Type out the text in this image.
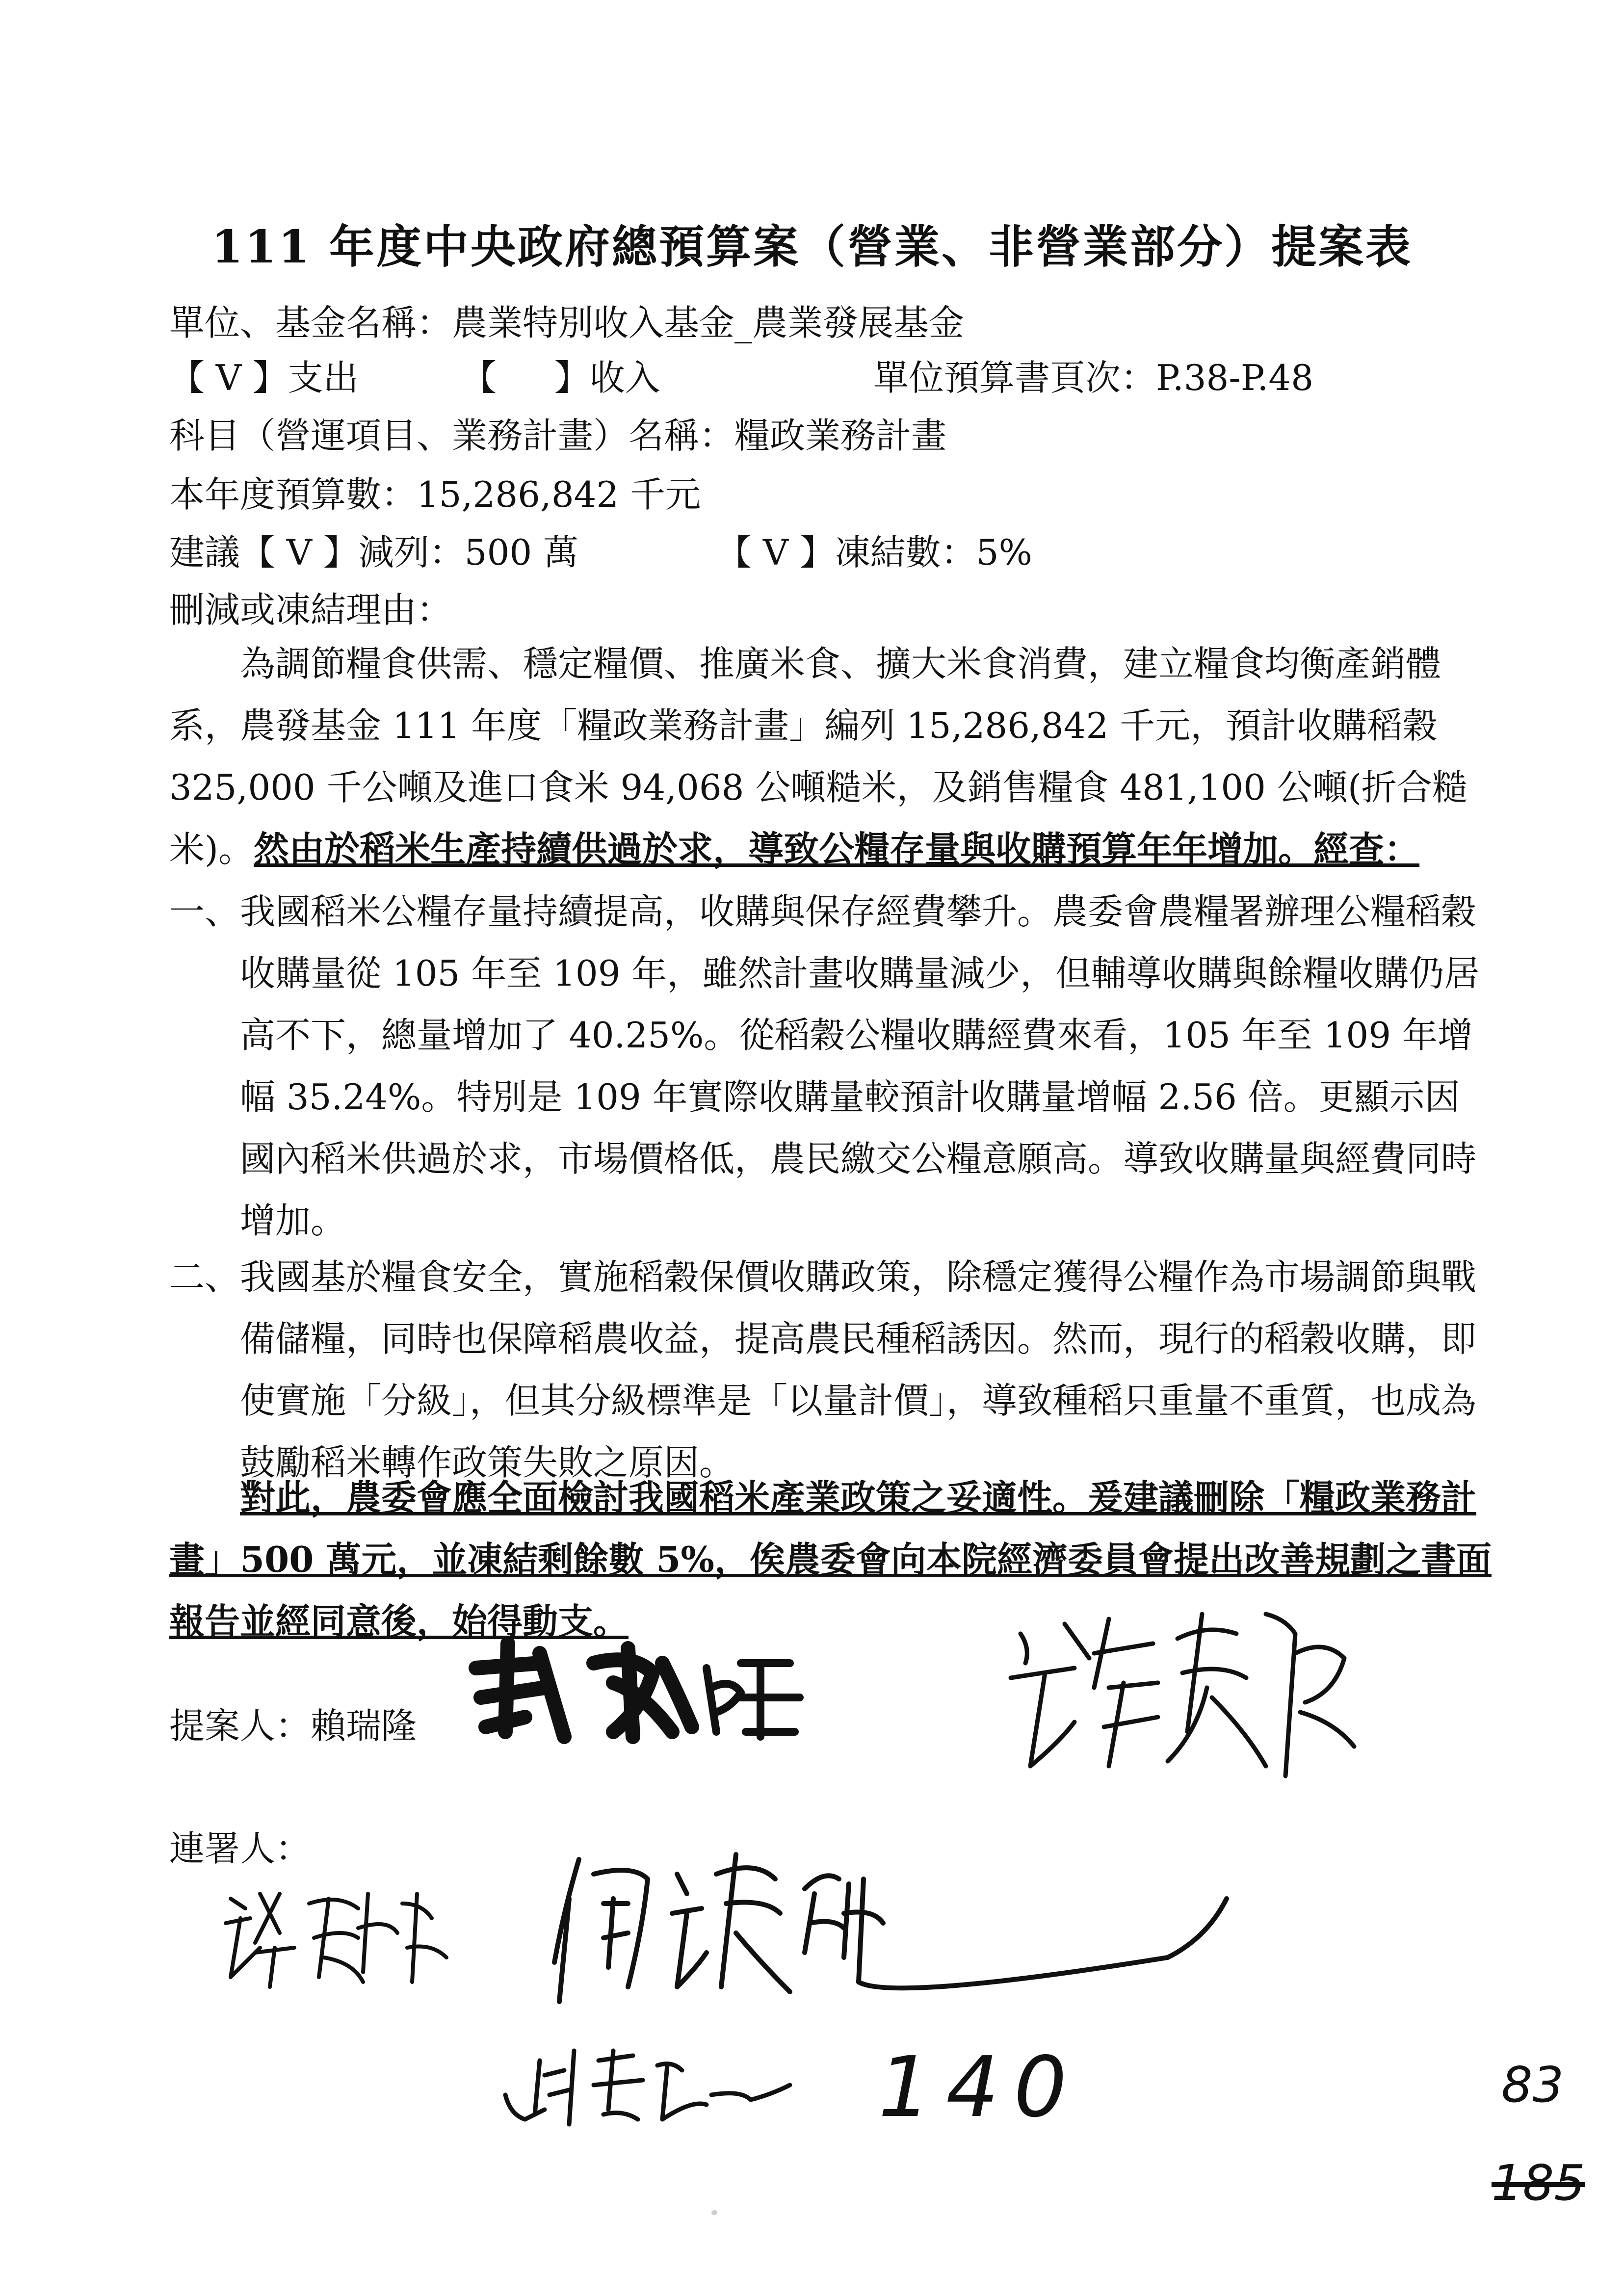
111 年度中央政府總預算案（營業、非營業部分）提案表
單位、基金名稱：農業特別收入基金_農業發展基金
【 V 】支出	【 　 】收入	單位預算書頁次：P.38-P.48
科目（營運項目、業務計畫）名稱：糧政業務計畫
本年度預算數：15,286,842 千元
建議【 V 】減列：500 萬	【 V 】凍結數：5%
刪減或凍結理由：
為調節糧食供需、穩定糧價、推廣米食、擴大米食消費，建立糧食均衡產銷體系，農發基金 111 年度「糧政業務計畫」編列 15,286,842 千元，預計收購稻穀 325,000 千公噸及進口食米 94,068 公噸糙米，及銷售糧食 481,100 公噸(折合糙米)。然由於稻米生產持續供過於求，導致公糧存量與收購預算年年增加。經查：
一、 我國稻米公糧存量持續提高，收購與保存經費攀升。農委會農糧署辦理公糧稻穀收購量從 105 年至 109 年，雖然計畫收購量減少，但輔導收購與餘糧收購仍居高不下，總量增加了 40.25%。從稻穀公糧收購經費來看，105 年至 109 年增幅 35.24%。特別是 109 年實際收購量較預計收購量增幅 2.56 倍。更顯示因國內稻米供過於求，市場價格低，農民繳交公糧意願高。導致收購量與經費同時增加。
二、 我國基於糧食安全，實施稻穀保價收購政策，除穩定獲得公糧作為市場調節與戰備儲糧，同時也保障稻農收益，提高農民種稻誘因。然而，現行的稻穀收購，即使實施「分級」，但其分級標準是「以量計價」，導致種稻只重量不重質，也成為鼓勵稻米轉作政策失敗之原因。
對此，農委會應全面檢討我國稻米產業政策之妥適性。爰建議刪除「糧政業務計畫」500 萬元，並凍結剩餘數 5%，俟農委會向本院經濟委員會提出改善規劃之書面報告並經同意後，始得動支。
提案人：賴瑞隆
連署人：
140	83
185
